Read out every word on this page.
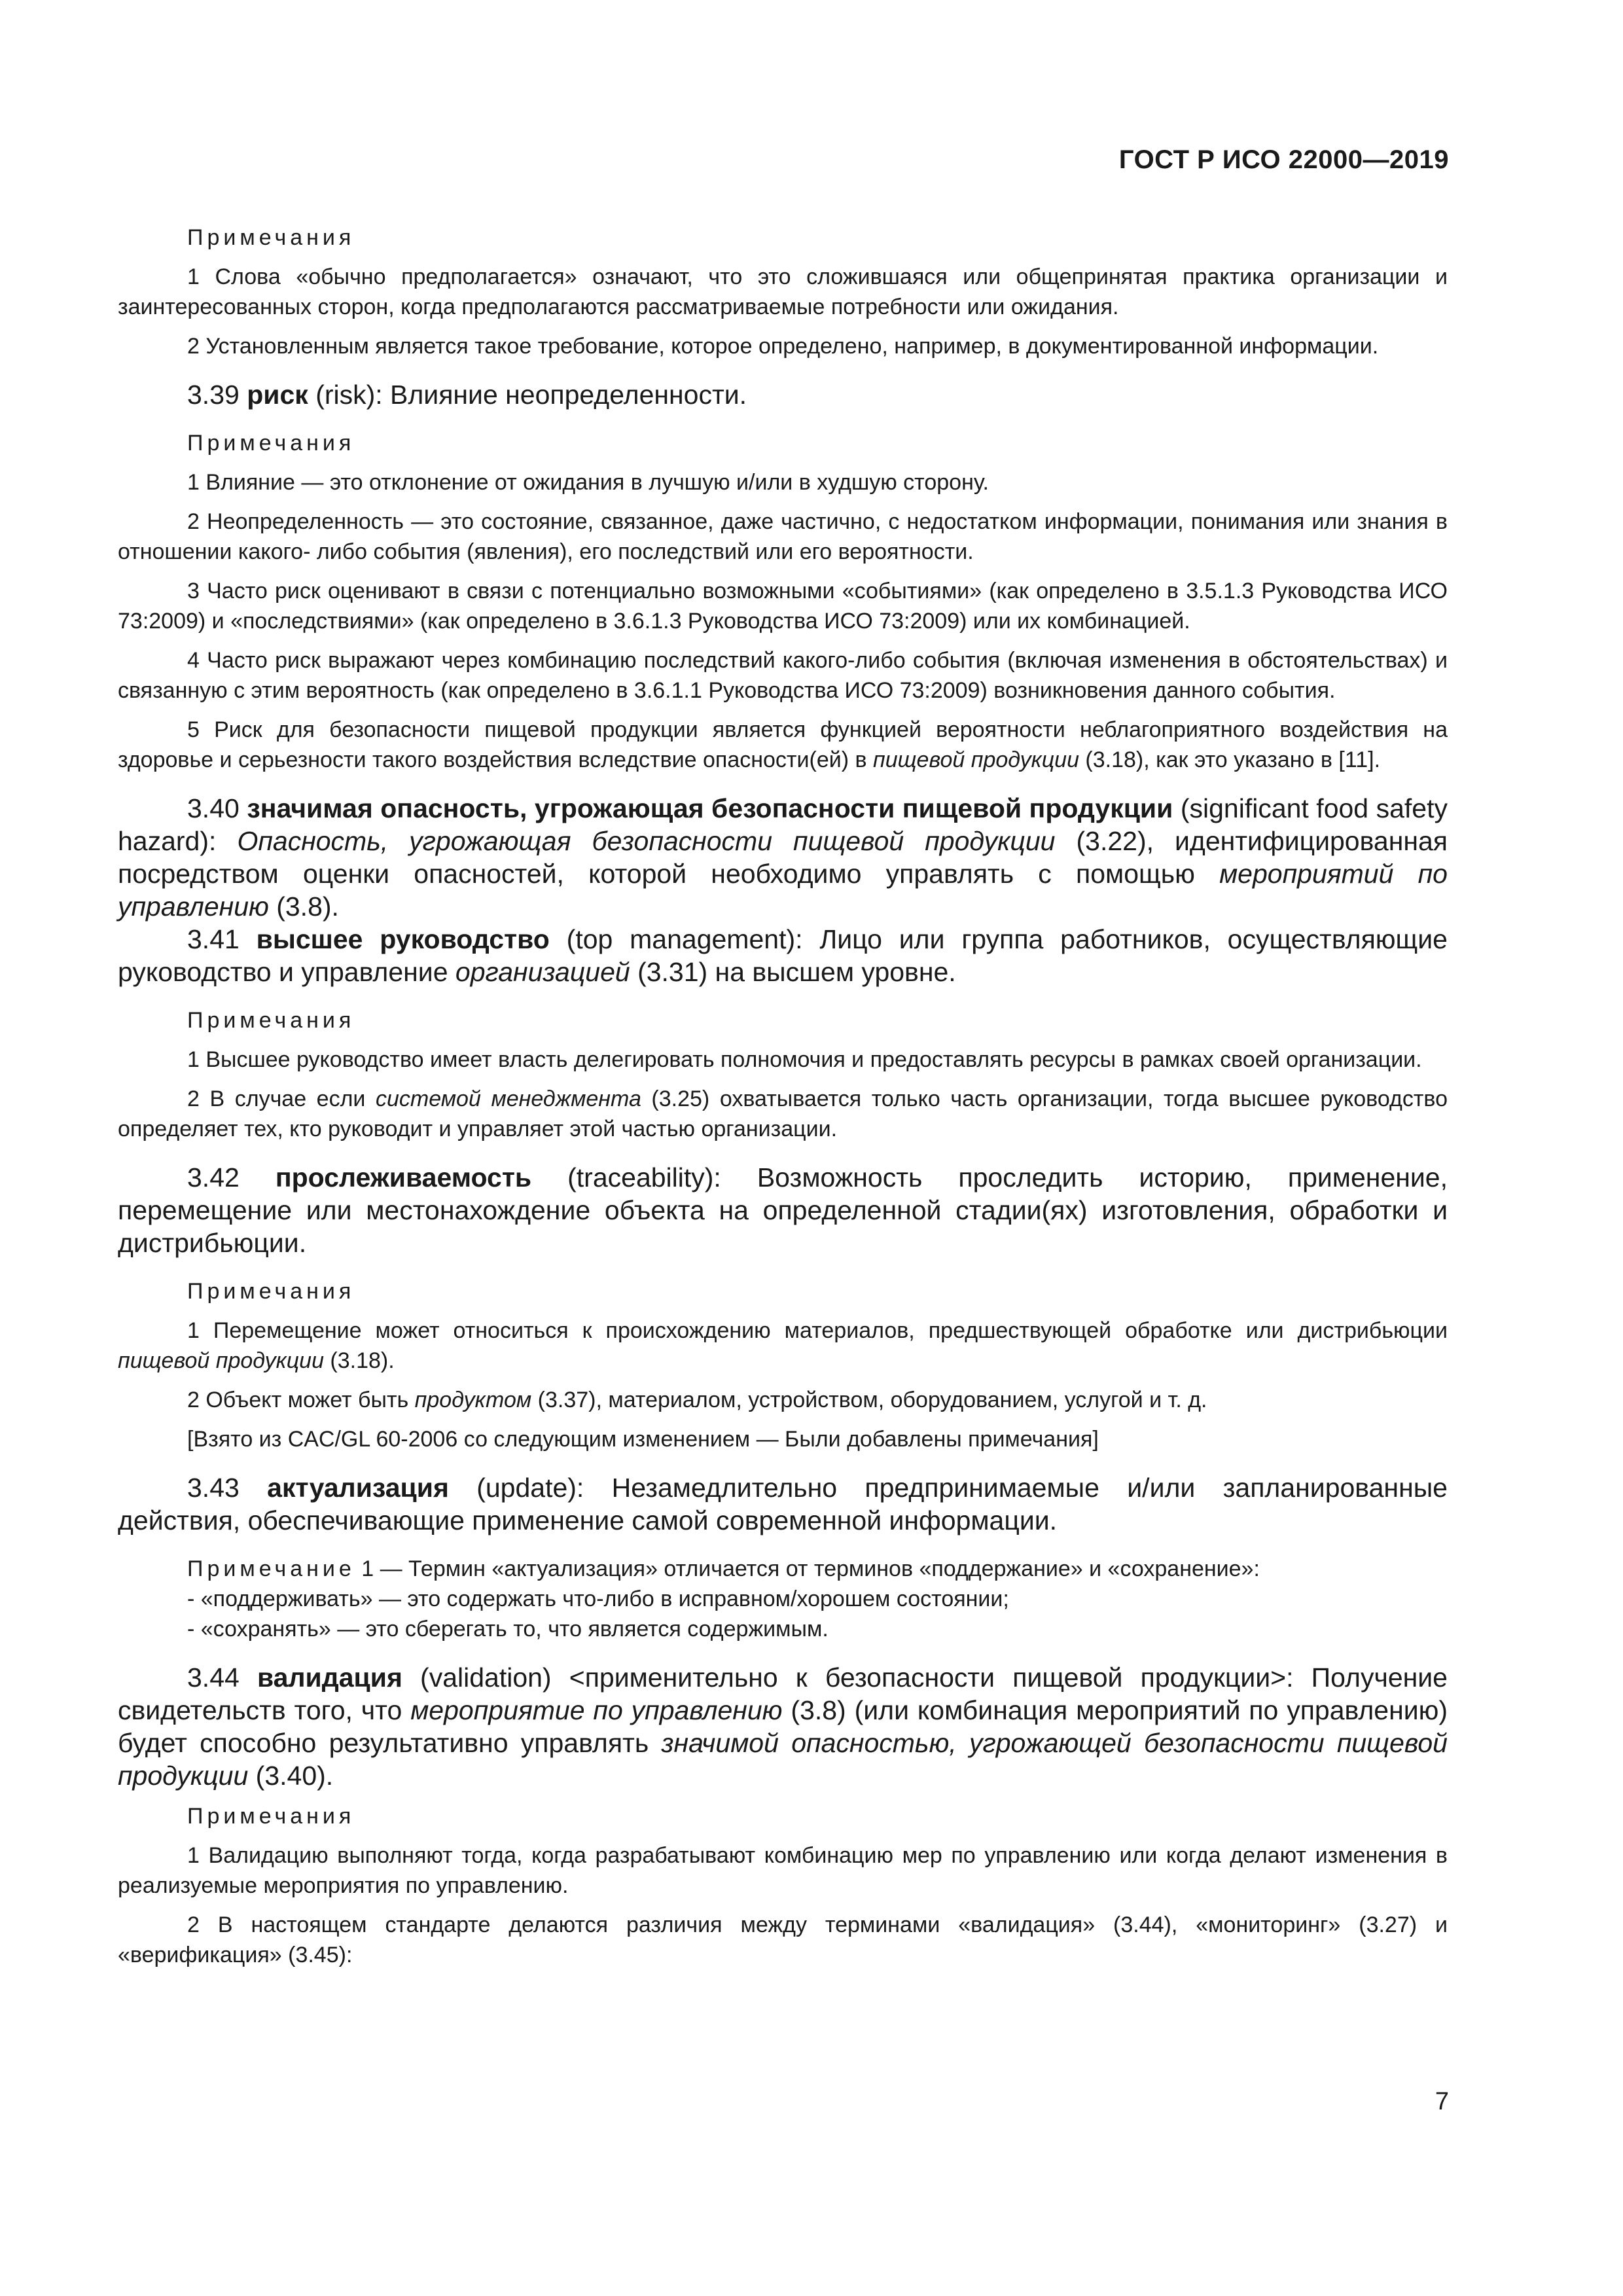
ГОСТ Р ИСО 22000—2019

Примечания

1 Слова «обычно предполагается» означают, что это сложившаяся или общепринятая практика организации и заинтересованных сторон, когда предполагаются рассматриваемые потребности или ожидания.

2 Установленным является такое требование, которое определено, например, в документированной информации.

3.39 риск (risk): Влияние неопределенности.

Примечания

1 Влияние — это отклонение от ожидания в лучшую и/или в худшую сторону.

2 Неопределенность — это состояние, связанное, даже частично, с недостатком информации, понимания или знания в отношении какого- либо события (явления), его последствий или его вероятности.

3 Часто риск оценивают в связи с потенциально возможными «событиями» (как определено в 3.5.1.3 Руководства ИСО 73:2009) и «последствиями» (как определено в 3.6.1.3 Руководства ИСО 73:2009) или их комбинацией.

4 Часто риск выражают через комбинацию последствий какого-либо события (включая изменения в обстоятельствах) и связанную с этим вероятность (как определено в 3.6.1.1 Руководства ИСО 73:2009) возникновения данного события.

5 Риск для безопасности пищевой продукции является функцией вероятности неблагоприятного воздействия на здоровье и серьезности такого воздействия вследствие опасности(ей) в пищевой продукции (3.18), как это указано в [11].

3.40 значимая опасность, угрожающая безопасности пищевой продукции (significant food safety hazard): Опасность, угрожающая безопасности пищевой продукции (3.22), идентифицированная посредством оценки опасностей, которой необходимо управлять с помощью мероприятий по управлению (3.8).

3.41 высшее руководство (top management): Лицо или группа работников, осуществляющие руководство и управление организацией (3.31) на высшем уровне.

Примечания

1 Высшее руководство имеет власть делегировать полномочия и предоставлять ресурсы в рамках своей организации.

2 В случае если системой менеджмента (3.25) охватывается только часть организации, тогда высшее руководство определяет тех, кто руководит и управляет этой частью организации.

3.42 прослеживаемость (traceability): Возможность проследить историю, применение, перемещение или местонахождение объекта на определенной стадии(ях) изготовления, обработки и дистрибьюции.

Примечания

1 Перемещение может относиться к происхождению материалов, предшествующей обработке или дистрибьюции пищевой продукции (3.18).

2 Объект может быть продуктом (3.37), материалом, устройством, оборудованием, услугой и т. д.

[Взято из CAC/GL 60-2006 со следующим изменением — Были добавлены примечания]

3.43 актуализация (update): Незамедлительно предпринимаемые и/или запланированные действия, обеспечивающие применение самой современной информации.

Примечание 1 — Термин «актуализация» отличается от терминов «поддержание» и «сохранение»:

- «поддерживать» — это содержать что-либо в исправном/хорошем состоянии;

- «сохранять» — это сберегать то, что является содержимым.

3.44 валидация (validation) <применительно к безопасности пищевой продукции>: Получение свидетельств того, что мероприятие по управлению (3.8) (или комбинация мероприятий по управлению) будет способно результативно управлять значимой опасностью, угрожающей безопасности пищевой продукции (3.40).

Примечания

1 Валидацию выполняют тогда, когда разрабатывают комбинацию мер по управлению или когда делают изменения в реализуемые мероприятия по управлению.

2 В настоящем стандарте делаются различия между терминами «валидация» (3.44), «мониторинг» (3.27) и «верификация» (3.45):

7
